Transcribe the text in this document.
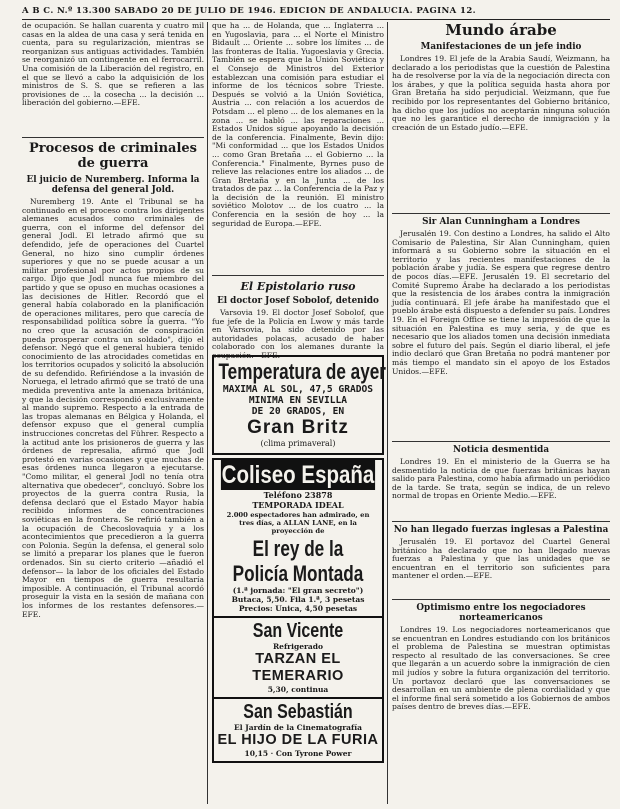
A B C. N.º 13.300 SABADO 20 DE JULIO DE 1946. EDICION DE ANDALUCIA. PAGINA 12.

de ocupación. Se hallan cuarenta y cuatro mil casas en la aldea de una casa y será tenida en cuenta, para su regularización, mientras se reorganizan sus antiguas actividades. También se reorganizó un contingente en el ferrocarril. Una comisión de la Liberación del registro, en el que se llevó a cabo la adquisición de los ministros de S. S. que se refieren a las provisiones de ... la cosecha ... la decisión ... liberación del gobierno.—EFE.

Procesos de criminales de guerra
El juicio de Nuremberg. Informa la defensa del general Jold.

Nuremberg 19. Ante el Tribunal se ha continuado en el proceso contra los dirigentes alemanes acusados como criminales de guerra, con el informe del defensor del general Jodl. El letrado afirmó que su defendido, jefe de operaciones del Cuartel General, no hizo sino cumplir órdenes superiores y que no se puede acusar a un militar profesional por actos propios de su cargo. Dijo que Jodl nunca fue miembro del partido y que se opuso en muchas ocasiones a las decisiones de Hitler. Recordó que el general había colaborado en la planificación de operaciones militares, pero que carecía de responsabilidad política sobre la guerra. "Yo no creo que la acusación de conspiración pueda prosperar contra un soldado", dijo el defensor. Negó que el general hubiera tenido conocimiento de las atrocidades cometidas en los territorios ocupados y solicitó la absolución de su defendido. Refiriéndose a la invasión de Noruega, el letrado afirmó que se trató de una medida preventiva ante la amenaza británica, y que la decisión correspondió exclusivamente al mando supremo. Respecto a la entrada de las tropas alemanas en Bélgica y Holanda, el defensor expuso que el general cumplía instrucciones concretas del Führer. Respecto a la actitud ante los prisioneros de guerra y las órdenes de represalia, afirmó que Jodl protestó en varias ocasiones y que muchas de esas órdenes nunca llegaron a ejecutarse. "Como militar, el general Jodl no tenía otra alternativa que obedecer", concluyó. Sobre los proyectos de la guerra contra Rusia, la defensa declaró que el Estado Mayor había recibido informes de concentraciones soviéticas en la frontera. Se refirió también a la ocupación de Checoslovaquia y a los acontecimientos que precedieron a la guerra con Polonia. Según la defensa, el general solo se limitó a preparar los planes que le fueron ordenados. Sin su cierto criterio —añadió el defensor— la labor de los oficiales del Estado Mayor en tiempos de guerra resultaría imposible. A continuación, el Tribunal acordó proseguir la vista en la sesión de mañana con los informes de los restantes defensores.—EFE.

que ha ... de Holanda, que ... Inglaterra ... en Yugoslavia, para ... el Norte el Ministro Bidault ... Oriente ... sobre los límites ... de las fronteras de Italia. Yugoeslavia y Grecia. También se espera que la Unión Soviética y el Consejo de Ministros del Exterior establezcan una comisión para estudiar el informe de los técnicos sobre Trieste. Después se volvió a la Unión Soviética, Austria ... con relación a los acuerdos de Potsdam ... el pleno ... de los alemanes en la zona ... se habló ... las reparaciones ... Estados Unidos sigue apoyando la decisión de la conferencia. Finalmente, Bevin dijo: "Mi conformidad ... que los Estados Unidos ... como Gran Bretaña ... el Gobierno ... la Conferencia." Finalmente, Byrnes puso de relieve las relaciones entre los aliados ... de Gran Bretaña y en la Junta ... de los tratados de paz ... la Conferencia de la Paz y la decisión de la reunión. El ministro soviético Molotov ... de los cuatro ... la Conferencia en la sesión de hoy ... la seguridad de Europa.—EFE.

El Epistolario ruso
El doctor Josef Sobolof, detenido

Varsovia 19. El doctor Josef Sobolof, que fue jefe de la Policía en Lwow y más tarde en Varsovia, ha sido detenido por las autoridades polacas, acusado de haber colaborado con los alemanes durante la ocupación.—EFE.

Temperatura de ayer
MAXIMA AL SOL, 47,5 GRADOS
MINIMA EN SEVILLA
DE 20 GRADOS, EN
Gran Britz
(clima primaveral)
Coliseo España
Teléfono 23878
TEMPORADA IDEAL
2.000 espectadores han admirado, en tres días, a ALLAN LANE, en la proyección de
El rey de la
Policía Montada
(1.ª jornada: "El gran secreto")
Butaca, 5,50. Fila 1.ª, 3 pesetas
Precios: Unica, 4,50 pesetas
San Vicente
Refrigerado
TARZAN EL TEMERARIO
5,30, continua
San Sebastián
El Jardín de la Cinematografía
EL HIJO DE LA FURIA
10,15 · Con Tyrone Power
Mundo árabe
Manifestaciones de un jefe indio

Londres 19. El jefe de la Arabia Saudí, Weizmann, ha declarado a los periodistas que la cuestión de Palestina ha de resolverse por la vía de la negociación directa con los árabes, y que la política seguida hasta ahora por Gran Bretaña ha sido perjudicial. Weizmann, que fue recibido por los representantes del Gobierno británico, ha dicho que los judíos no aceptarán ninguna solución que no les garantice el derecho de inmigración y la creación de un Estado judío.—EFE.

Sir Alan Cunningham a Londres

Jerusalén 19. Con destino a Londres, ha salido el Alto Comisario de Palestina, Sir Alan Cunningham, quien informará a su Gobierno sobre la situación en el territorio y las recientes manifestaciones de la población árabe y judía. Se espera que regrese dentro de pocos días.—EFE. Jerusalén 19. El secretario del Comité Supremo Árabe ha declarado a los periodistas que la resistencia de los árabes contra la inmigración judía continuará. El jefe árabe ha manifestado que el pueblo árabe está dispuesto a defender su país. Londres 19. En el Foreign Office se tiene la impresión de que la situación en Palestina es muy seria, y de que es necesario que los aliados tomen una decisión inmediata sobre el futuro del país. Según el diario liberal, el jefe indio declaró que Gran Bretaña no podrá mantener por más tiempo el mandato sin el apoyo de los Estados Unidos.—EFE.

Noticia desmentida

Londres 19. En el ministerio de la Guerra se ha desmentido la noticia de que fuerzas británicas hayan salido para Palestina, como había afirmado un periódico de la tarde. Se trata, según se indica, de un relevo normal de tropas en Oriente Medio.—EFE.

No han llegado fuerzas inglesas a Palestina

Jerusalén 19. El portavoz del Cuartel General británico ha declarado que no han llegado nuevas fuerzas a Palestina y que las unidades que se encuentran en el territorio son suficientes para mantener el orden.—EFE.

Optimismo entre los negociadores norteamericanos

Londres 19. Los negociadores norteamericanos que se encuentran en Londres estudiando con los británicos el problema de Palestina se muestran optimistas respecto al resultado de las conversaciones. Se cree que llegarán a un acuerdo sobre la inmigración de cien mil judíos y sobre la futura organización del territorio. Un portavoz declaró que las conversaciones se desarrollan en un ambiente de plena cordialidad y que el informe final será sometido a los Gobiernos de ambos países dentro de breves días.—EFE.
